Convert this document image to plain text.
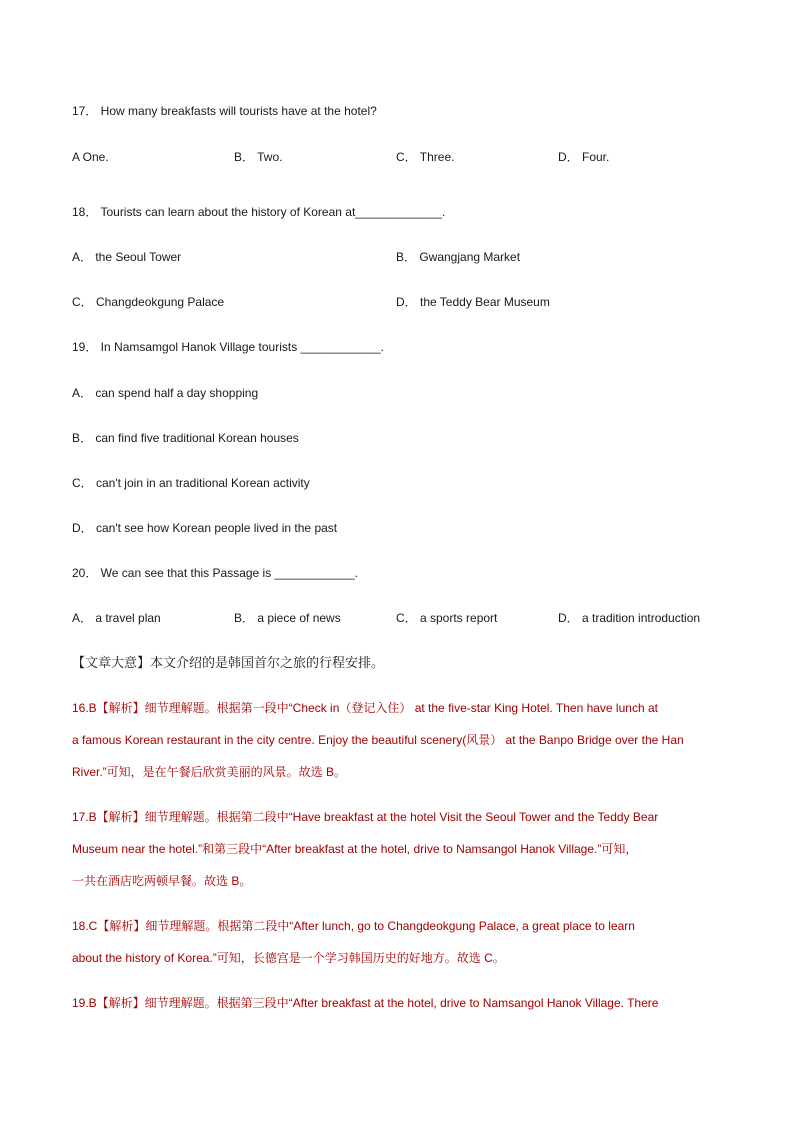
17． How many breakfasts will tourists have at the hotel?
A One.	B． Two.	C． Three.	D． Four.
18． Tourists can learn about the history of Korean at_____________.
A． the Seoul Tower	B． Gwangjang Market
C． Changdeokgung Palace	D． the Teddy Bear Museum
19． In Namsamgol Hanok Village tourists ____________.
A． can spend half a day shopping
B． can find five traditional Korean houses
C． can't join in an traditional Korean activity
D． can't see how Korean people lived in the past
20． We can see that this Passage is ____________.
A． a travel plan	B． a piece of news	C． a sports report	D． a tradition introduction
【文章大意】本文介绍的是韩国首尔之旅的行程安排。
16.B【解析】细节理解题。根据第一段中“Check in（登记入住） at the five-star King Hotel. Then have lunch at
a famous Korean restaurant in the city centre. Enjoy the beautiful scenery(风景） at the Banpo Bridge over the Han
River.”可知，是在午餐后欣赏美丽的风景。故选 B。
17.B【解析】细节理解题。根据第二段中“Have breakfast at the hotel Visit the Seoul Tower and the Teddy Bear
Museum near the hotel.”和第三段中“After breakfast at the hotel, drive to Namsangol Hanok Village.”可知，
一共在酒店吃两顿早餐。故选 B。
18.C【解析】细节理解题。根据第二段中“After lunch, go to Changdeokgung Palace, a great place to learn
about the history of Korea.”可知，长德宫是一个学习韩国历史的好地方。故选 C。
19.B【解析】细节理解题。根据第三段中“After breakfast at the hotel, drive to Namsangol Hanok Village. There
